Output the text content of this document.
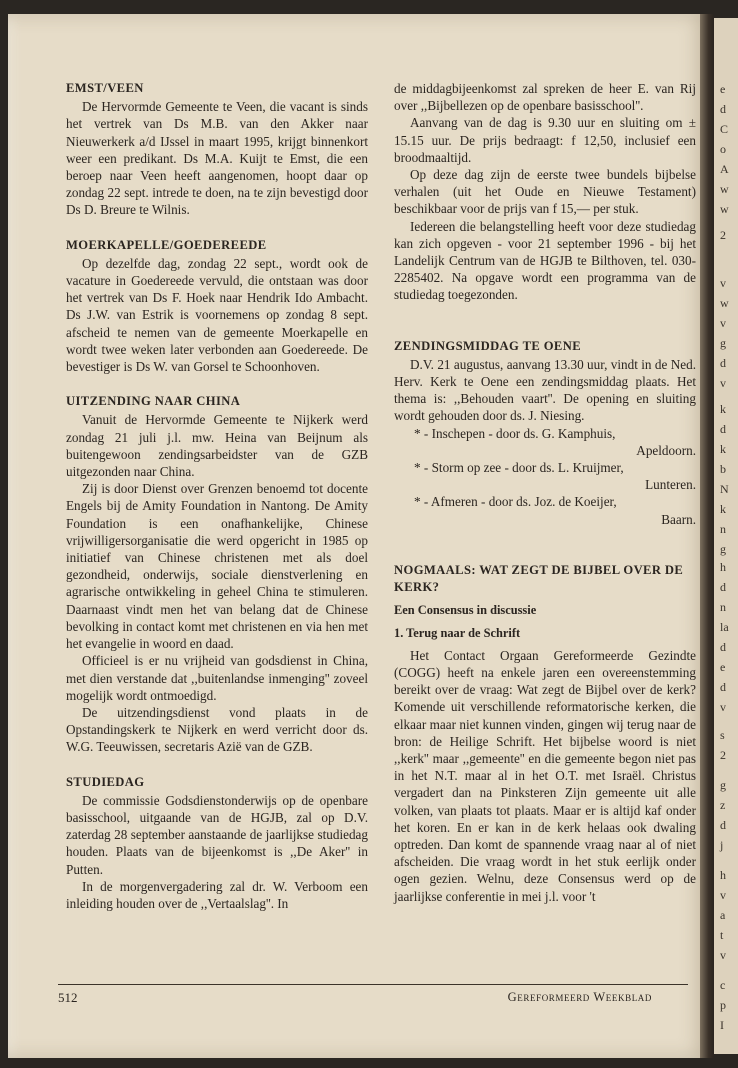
EMST/VEEN

De Hervormde Gemeente te Veen, die vacant is sinds het vertrek van Ds M.B. van den Akker naar Nieuwerkerk a/d IJssel in maart 1995, krijgt binnenkort weer een predikant. Ds M.A. Kuijt te Emst, die een beroep naar Veen heeft aangenomen, hoopt daar op zondag 22 sept. intrede te doen, na te zijn bevestigd door Ds D. Breure te Wilnis.

MOERKAPELLE/GOEDEREEDE

Op dezelfde dag, zondag 22 sept., wordt ook de vacature in Goedereede vervuld, die ontstaan was door het vertrek van Ds F. Hoek naar Hendrik Ido Ambacht. Ds J.W. van Estrik is voornemens op zondag 8 sept. afscheid te nemen van de gemeente Moerkapelle en wordt twee weken later verbonden aan Goedereede. De bevestiger is Ds W. van Gorsel te Schoonhoven.

UITZENDING NAAR CHINA

Vanuit de Hervormde Gemeente te Nijkerk werd zondag 21 juli j.l. mw. Heina van Beijnum als buitengewoon zendingsarbeidster van de GZB uitgezonden naar China.

Zij is door Dienst over Grenzen benoemd tot docente Engels bij de Amity Foundation in Nantong. De Amity Foundation is een onafhankelijke, Chinese vrijwilligersorganisatie die werd opgericht in 1985 op initiatief van Chinese christenen met als doel gezondheid, onderwijs, sociale dienstverlening en agrarische ontwikkeling in geheel China te stimuleren. Daarnaast vindt men het van belang dat de Chinese bevolking in contact komt met christenen en via hen met het evangelie in woord en daad.

Officieel is er nu vrijheid van godsdienst in China, met dien verstande dat ,,buitenlandse inmenging'' zoveel mogelijk wordt ontmoedigd.

De uitzendingsdienst vond plaats in de Opstandingskerk te Nijkerk en werd verricht door ds. W.G. Teeuwissen, secretaris Azië van de GZB.

STUDIEDAG

De commissie Godsdienstonderwijs op de openbare basisschool, uitgaande van de HGJB, zal op D.V. zaterdag 28 september aanstaande de jaarlijkse studiedag houden. Plaats van de bijeenkomst is ,,De Aker'' in Putten.

In de morgenvergadering zal dr. W. Verboom een inleiding houden over de ,,Vertaalslag''. In

de middagbijeenkomst zal spreken de heer E. van Rij over ,,Bijbellezen op de openbare basisschool''.

Aanvang van de dag is 9.30 uur en sluiting om ± 15.15 uur. De prijs bedraagt: f 12,50, inclusief een broodmaaltijd.

Op deze dag zijn de eerste twee bundels bijbelse verhalen (uit het Oude en Nieuwe Testament) beschikbaar voor de prijs van f 15,— per stuk.

Iedereen die belangstelling heeft voor deze studiedag kan zich opgeven - voor 21 september 1996 - bij het Landelijk Centrum van de HGJB te Bilthoven, tel. 030-2285402. Na opgave wordt een programma van de studiedag toegezonden.

ZENDINGSMIDDAG TE OENE

D.V. 21 augustus, aanvang 13.30 uur, vindt in de Ned. Herv. Kerk te Oene een zendingsmiddag plaats. Het thema is: ,,Behouden vaart''. De opening en sluiting wordt gehouden door ds. J. Niesing.

* - Inschepen - door ds. G. Kamphuis,
Apeldoorn.
* - Storm op zee - door ds. L. Kruijmer,
Lunteren.
* - Afmeren - door ds. Joz. de Koeijer,
Baarn.
NOGMAALS: WAT ZEGT DE BIJBEL OVER DE KERK?
Een Consensus in discussie
1. Terug naar de Schrift

Het Contact Orgaan Gereformeerde Gezindte (COGG) heeft na enkele jaren een overeenstemming bereikt over de vraag: Wat zegt de Bijbel over de kerk? Komende uit verschillende reformatorische kerken, die elkaar maar niet kunnen vinden, gingen wij terug naar de bron: de Heilige Schrift. Het bijbelse woord is niet ,,kerk'' maar ,,gemeente'' en die gemeente begon niet pas in het N.T. maar al in het O.T. met Israël. Christus vergadert dan na Pinksteren Zijn gemeente uit alle volken, van plaats tot plaats. Maar er is altijd kaf onder het koren. En er kan in de kerk helaas ook dwaling optreden. Dan komt de spannende vraag naar al of niet afscheiden. Die vraag wordt in het stuk eerlijk onder ogen gezien. Welnu, deze Consensus werd op de jaarlijkse conferentie in mei j.l. voor 't

512	Gereformeerd Weekblad
e
d
C
o
A
w
w
2
v
w
v
g
d
v
k
d
k
b
N
k
n
g
h
d
n
la
d
e
d
v
s
2
g
z
d
j
h
v
a
t
v
c
p
I
